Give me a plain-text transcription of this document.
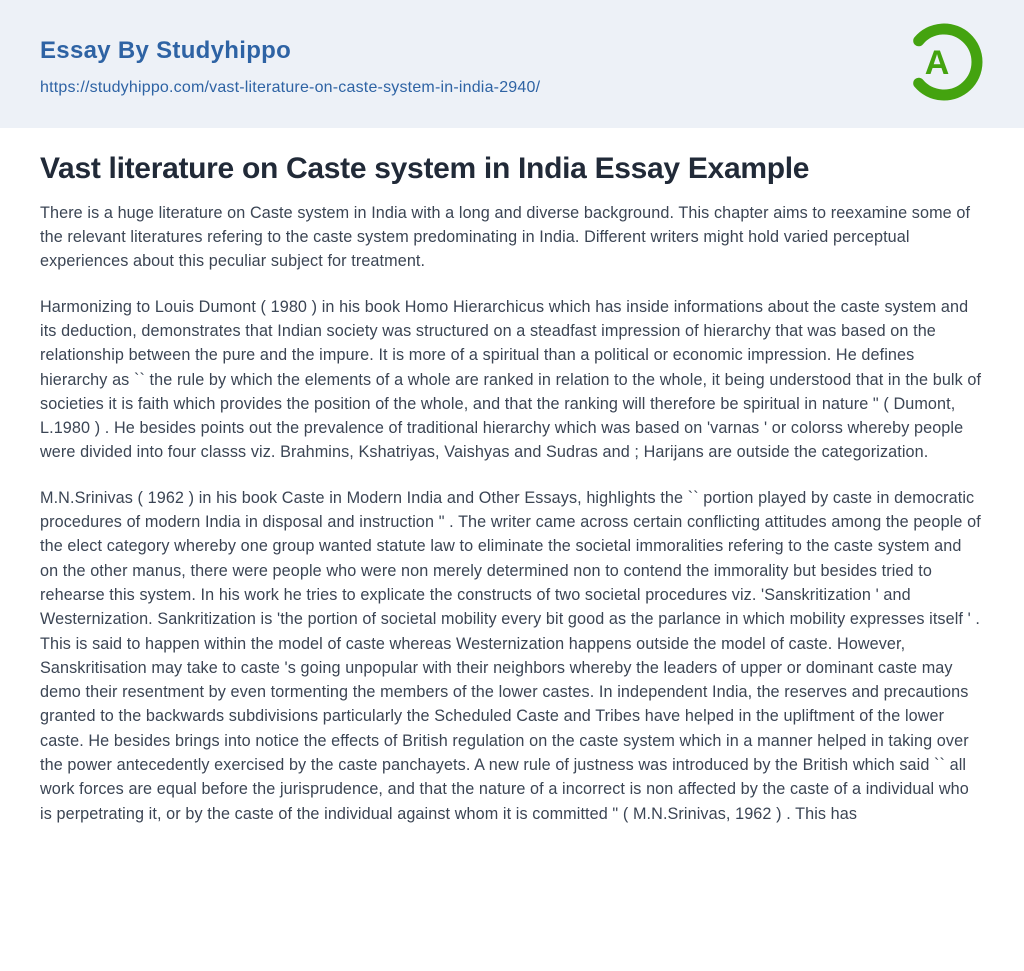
Essay By Studyhippo
https://studyhippo.com/vast-literature-on-caste-system-in-india-2940/
A
Vast literature on Caste system in India Essay Example

There is a huge literature on Caste system in India with a long and diverse background. This chapter aims to reexamine some of the relevant literatures refering to the caste system predominating in India. Different writers might hold varied perceptual experiences about this peculiar subject for treatment.

Harmonizing to Louis Dumont ( 1980 ) in his book Homo Hierarchicus which has inside informations about the caste system and its deduction, demonstrates that Indian society was structured on a steadfast impression of hierarchy that was based on the relationship between the pure and the impure. It is more of a spiritual than a political or economic impression. He defines hierarchy as `` the rule by which the elements of a whole are ranked in relation to the whole, it being understood that in the bulk of societies it is faith which provides the position of the whole, and that the ranking will therefore be spiritual in nature " ( Dumont, L.1980 ) . He besides points out the prevalence of traditional hierarchy which was based on 'varnas ' or colorss whereby people were divided into four classs viz. Brahmins, Kshatriyas, Vaishyas and Sudras and ; Harijans are outside the categorization.

M.N.Srinivas ( 1962 ) in his book Caste in Modern India and Other Essays, highlights the `` portion played by caste in democratic procedures of modern India in disposal and instruction " . The writer came across certain conflicting attitudes among the people of the elect category whereby one group wanted statute law to eliminate the societal immoralities refering to the caste system and on the other manus, there were people who were non merely determined non to contend the immorality but besides tried to rehearse this system. In his work he tries to explicate the constructs of two societal procedures viz. 'Sanskritization ' and Westernization. Sankritization is 'the portion of societal mobility every bit good as the parlance in which mobility expresses itself ' . This is said to happen within the model of caste whereas Westernization happens outside the model of caste. However, Sanskritisation may take to caste 's going unpopular with their neighbors whereby the leaders of upper or dominant caste may demo their resentment by even tormenting the members of the lower castes. In independent India, the reserves and precautions granted to the backwards subdivisions particularly the Scheduled Caste and Tribes have helped in the upliftment of the lower caste. He besides brings into notice the effects of British regulation on the caste system which in a manner helped in taking over the power antecedently exercised by the caste panchayets. A new rule of justness was introduced by the British which said `` all work forces are equal before the jurisprudence, and that the nature of a incorrect is non affected by the caste of a individual who is perpetrating it, or by the caste of the individual against whom it is committed " ( M.N.Srinivas, 1962 ) . This has
